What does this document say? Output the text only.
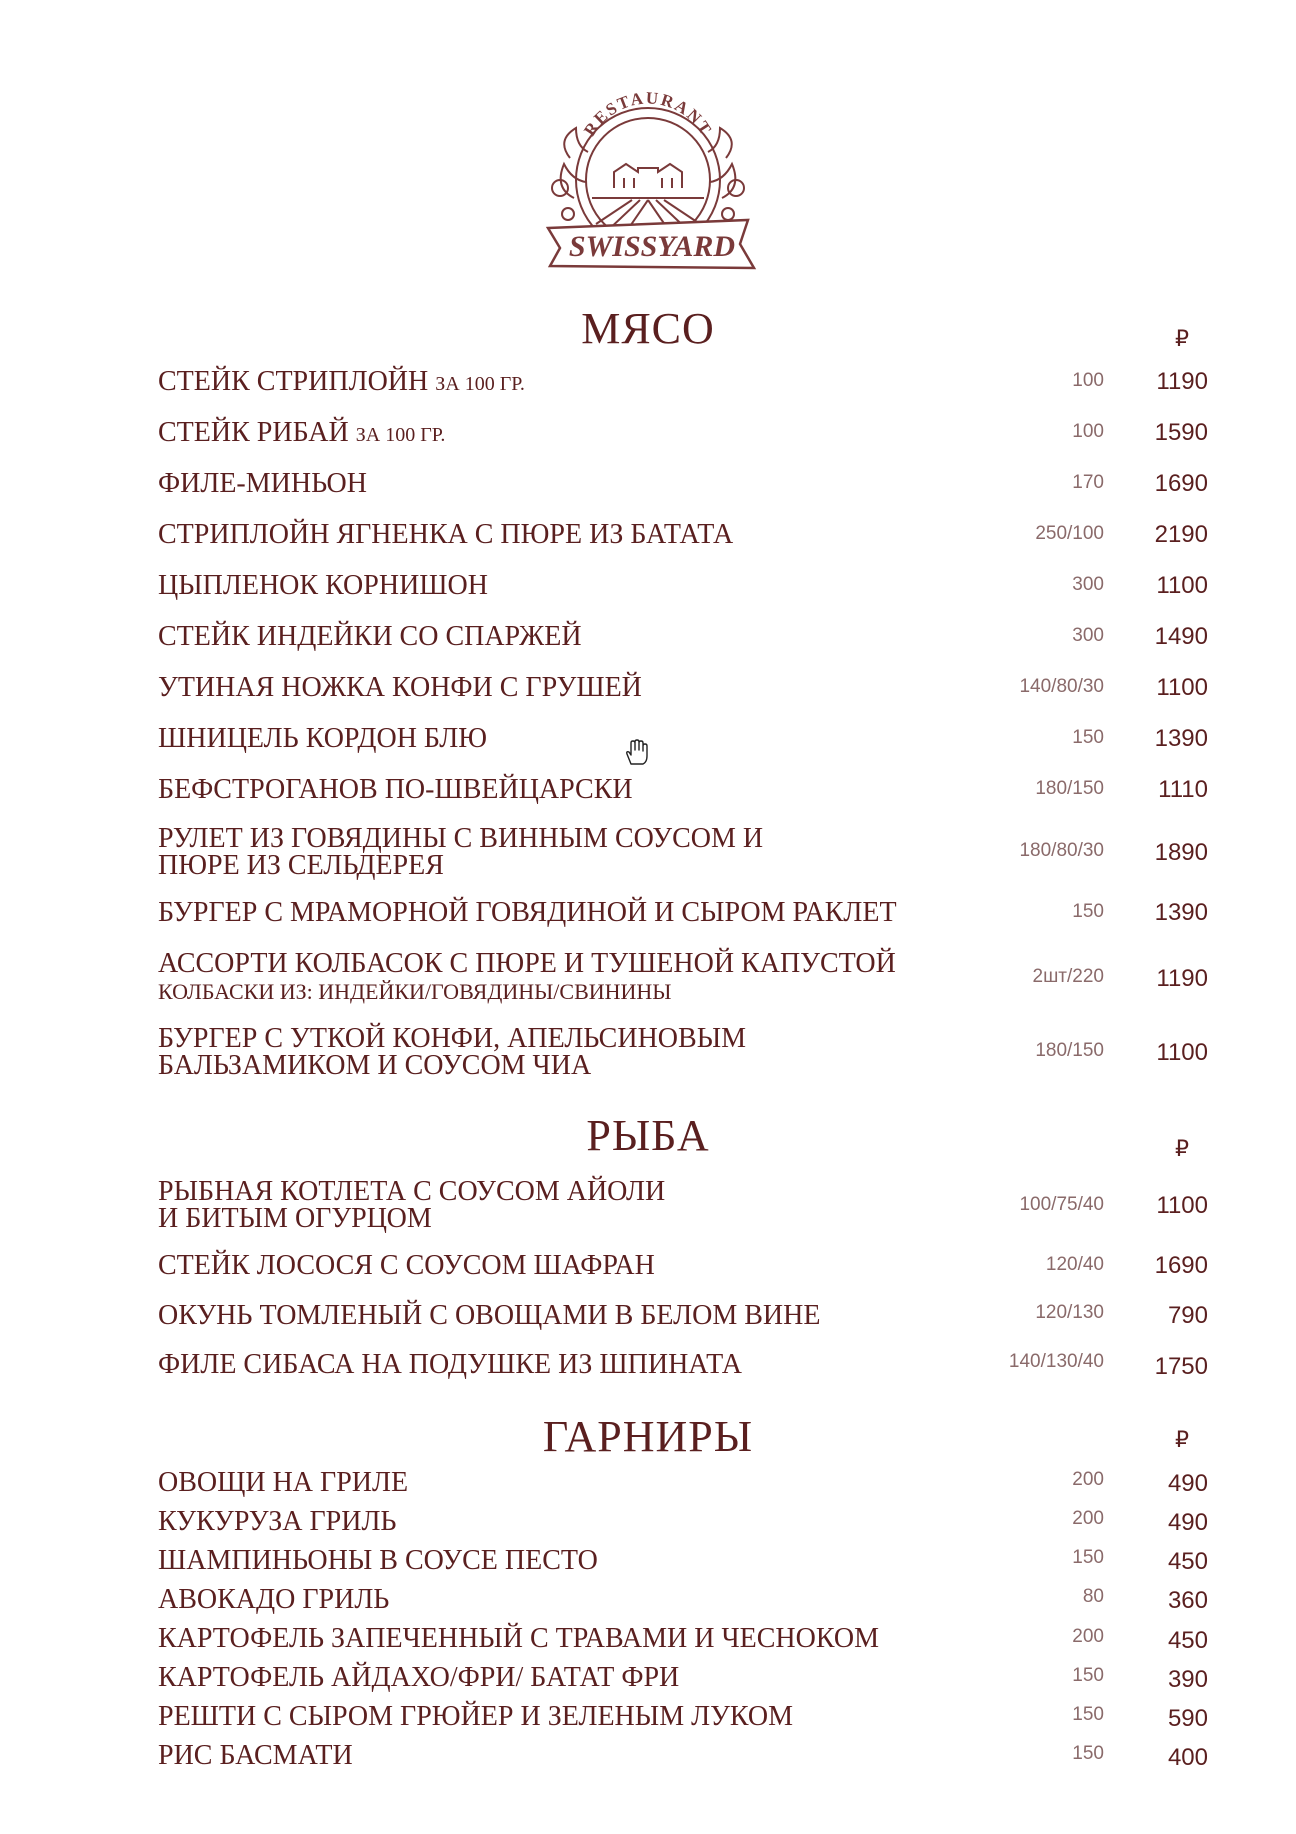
RESTAURANT
SWISSYARD
МЯСО	₽
СТЕЙК СТРИПЛОЙН ЗА 100 ГР.	100	1190
СТЕЙК РИБАЙ ЗА 100 ГР.	100	1590
ФИЛЕ-МИНЬОН	170	1690
СТРИПЛОЙН ЯГНЕНКА С ПЮРЕ ИЗ БАТАТА	250/100	2190
ЦЫПЛЕНОК КОРНИШОН	300	1100
СТЕЙК ИНДЕЙКИ СО СПАРЖЕЙ	300	1490
УТИНАЯ НОЖКА КОНФИ С ГРУШЕЙ	140/80/30	1100
ШНИЦЕЛЬ КОРДОН БЛЮ	150	1390
БЕФСТРОГАНОВ ПО-ШВЕЙЦАРСКИ	180/150	1110
РУЛЕТ ИЗ ГОВЯДИНЫ С ВИННЫМ СОУСОМ И
ПЮРЕ ИЗ СЕЛЬДЕРЕЯ	180/80/30	1890
БУРГЕР С МРАМОРНОЙ ГОВЯДИНОЙ И СЫРОМ РАКЛЕТ	150	1390
АССОРТИ КОЛБАСОК С ПЮРЕ И ТУШЕНОЙ КАПУСТОЙ
КОЛБАСКИ ИЗ: ИНДЕЙКИ/ГОВЯДИНЫ/СВИНИНЫ
2шт/220	1190
БУРГЕР С УТКОЙ КОНФИ, АПЕЛЬСИНОВЫМ
БАЛЬЗАМИКОМ И СОУСОМ ЧИА	180/150	1100
РЫБА	₽
РЫБНАЯ КОТЛЕТА С СОУСОМ АЙОЛИ
И БИТЫМ ОГУРЦОМ	100/75/40	1100
СТЕЙК ЛОСОСЯ С СОУСОМ ШАФРАН	120/40	1690
ОКУНЬ ТОМЛЕНЫЙ С ОВОЩАМИ В БЕЛОМ ВИНЕ	120/130	790
ФИЛЕ СИБАСА НА ПОДУШКЕ ИЗ ШПИНАТА	140/130/40	1750
ГАРНИРЫ	₽
ОВОЩИ НА ГРИЛЕ	200	490
КУКУРУЗА ГРИЛЬ	200	490
ШАМПИНЬОНЫ В СОУСЕ ПЕСТО	150	450
АВОКАДО ГРИЛЬ	80	360
КАРТОФЕЛЬ ЗАПЕЧЕННЫЙ С ТРАВАМИ И ЧЕСНОКОМ	200	450
КАРТОФЕЛЬ АЙДАХО/ФРИ/ БАТАТ ФРИ	150	390
РЕШТИ С СЫРОМ ГРЮЙЕР И ЗЕЛЕНЫМ ЛУКОМ	150	590
РИС БАСМАТИ	150	400
